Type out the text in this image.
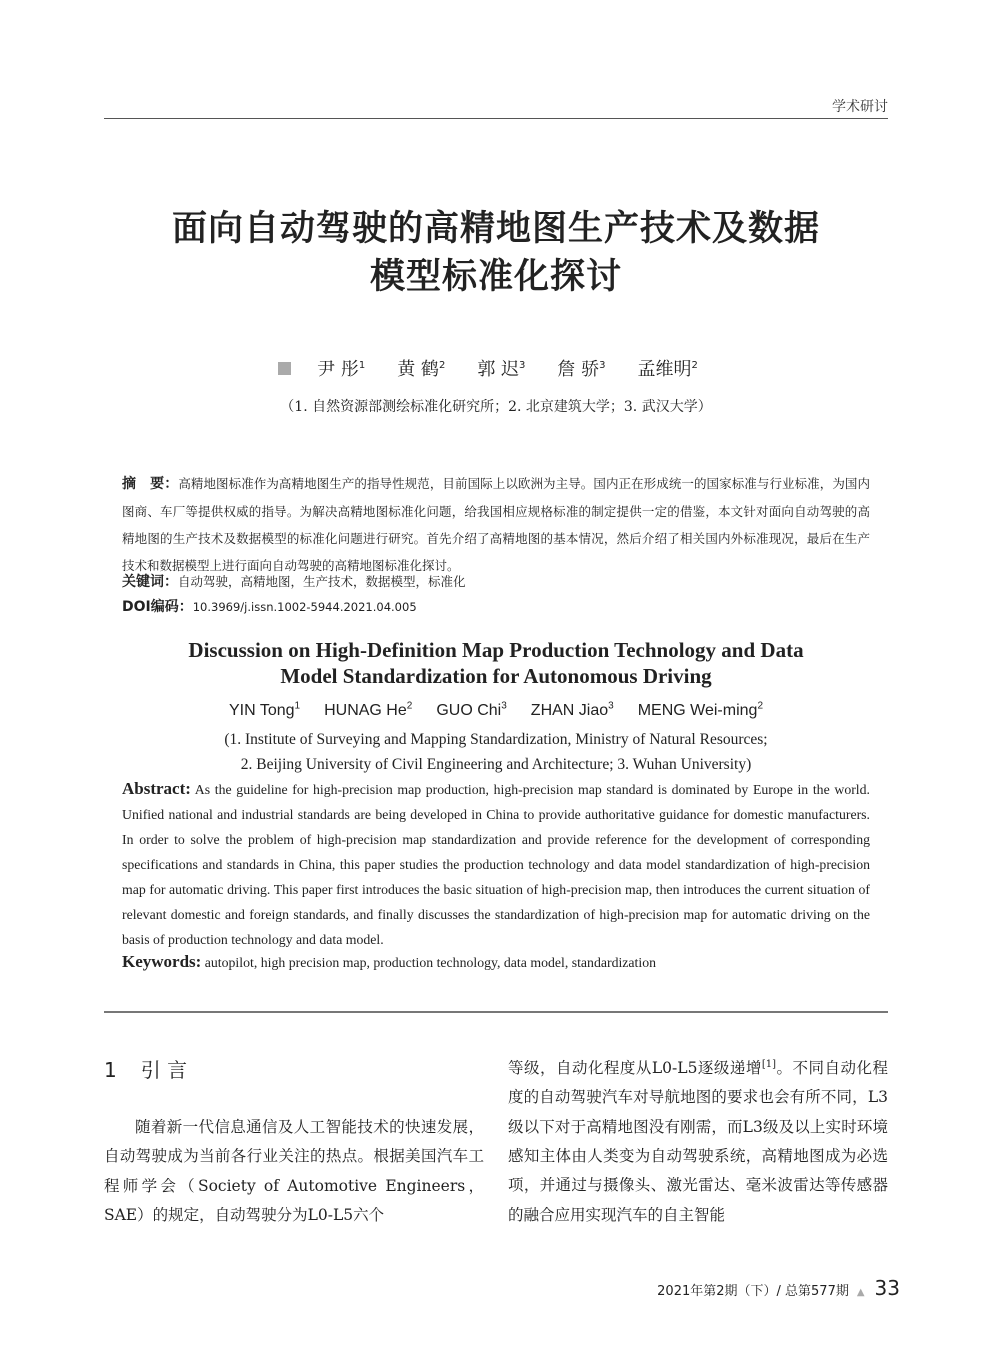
学术研讨
面向自动驾驶的高精地图生产技术及数据
模型标准化探讨
尹 彤$^1$ 黄 鹤$^2$ 郭 迟$^3$ 詹 骄$^3$ 孟维明$^2$
（1. 自然资源部测绘标准化研究所；2. 北京建筑大学；3. 武汉大学）
摘　要：高精地图标准作为高精地图生产的指导性规范，目前国际上以欧洲为主导。国内正在形成统一的国家标准与行业标准，为国内图商、车厂等提供权威的指导。为解决高精地图标准化问题，给我国相应规格标准的制定提供一定的借鉴，本文针对面向自动驾驶的高精地图的生产技术及数据模型的标准化问题进行研究。首先介绍了高精地图的基本情况，然后介绍了相关国内外标准现况，最后在生产技术和数据模型上进行面向自动驾驶的高精地图标准化探讨。
关键词：自动驾驶，高精地图，生产技术，数据模型，标准化
DOI编码：10.3969/j.issn.1002-5944.2021.04.005
Discussion on High-Definition Map Production Technology and Data
Model Standardization for Autonomous Driving
YIN Tong$^1$ HUNAG He$^2$ GUO Chi$^3$ ZHAN Jiao$^3$ MENG Wei-ming$^2$
(1. Institute of Surveying and Mapping Standardization, Ministry of Natural Resources;
2. Beijing University of Civil Engineering and Architecture; 3. Wuhan University)
Abstract: As the guideline for high-precision map production, high-precision map standard is dominated by Europe in the world. Unified national and industrial standards are being developed in China to provide authoritative guidance for domestic manufacturers. In order to solve the problem of high-precision map standardization and provide reference for the development of corresponding specifications and standards in China, this paper studies the production technology and data model standardization of high-precision map for automatic driving. This paper first introduces the basic situation of high-precision map, then introduces the current situation of relevant domestic and foreign standards, and finally discusses the standardization of high-precision map for automatic driving on the basis of production technology and data model.
Keywords: autopilot, high precision map, production technology, data model, standardization
1 引 言
随着新一代信息通信及人工智能技术的快速发展，自动驾驶成为当前各行业关注的热点。根据美国汽车工程师学会（Society of Automotive Engineers，SAE）的规定，自动驾驶分为L0-L5六个
等级，自动化程度从L0-L5逐级递增[1]。不同自动化程度的自动驾驶汽车对导航地图的要求也会有所不同，L3级以下对于高精地图没有刚需，而L3级及以上实时环境感知主体由人类变为自动驾驶系统，高精地图成为必选项，并通过与摄像头、激光雷达、毫米波雷达等传感器的融合应用实现汽车的自主智能
2021年第2期（下）/ 总第577期 ▲ 33
